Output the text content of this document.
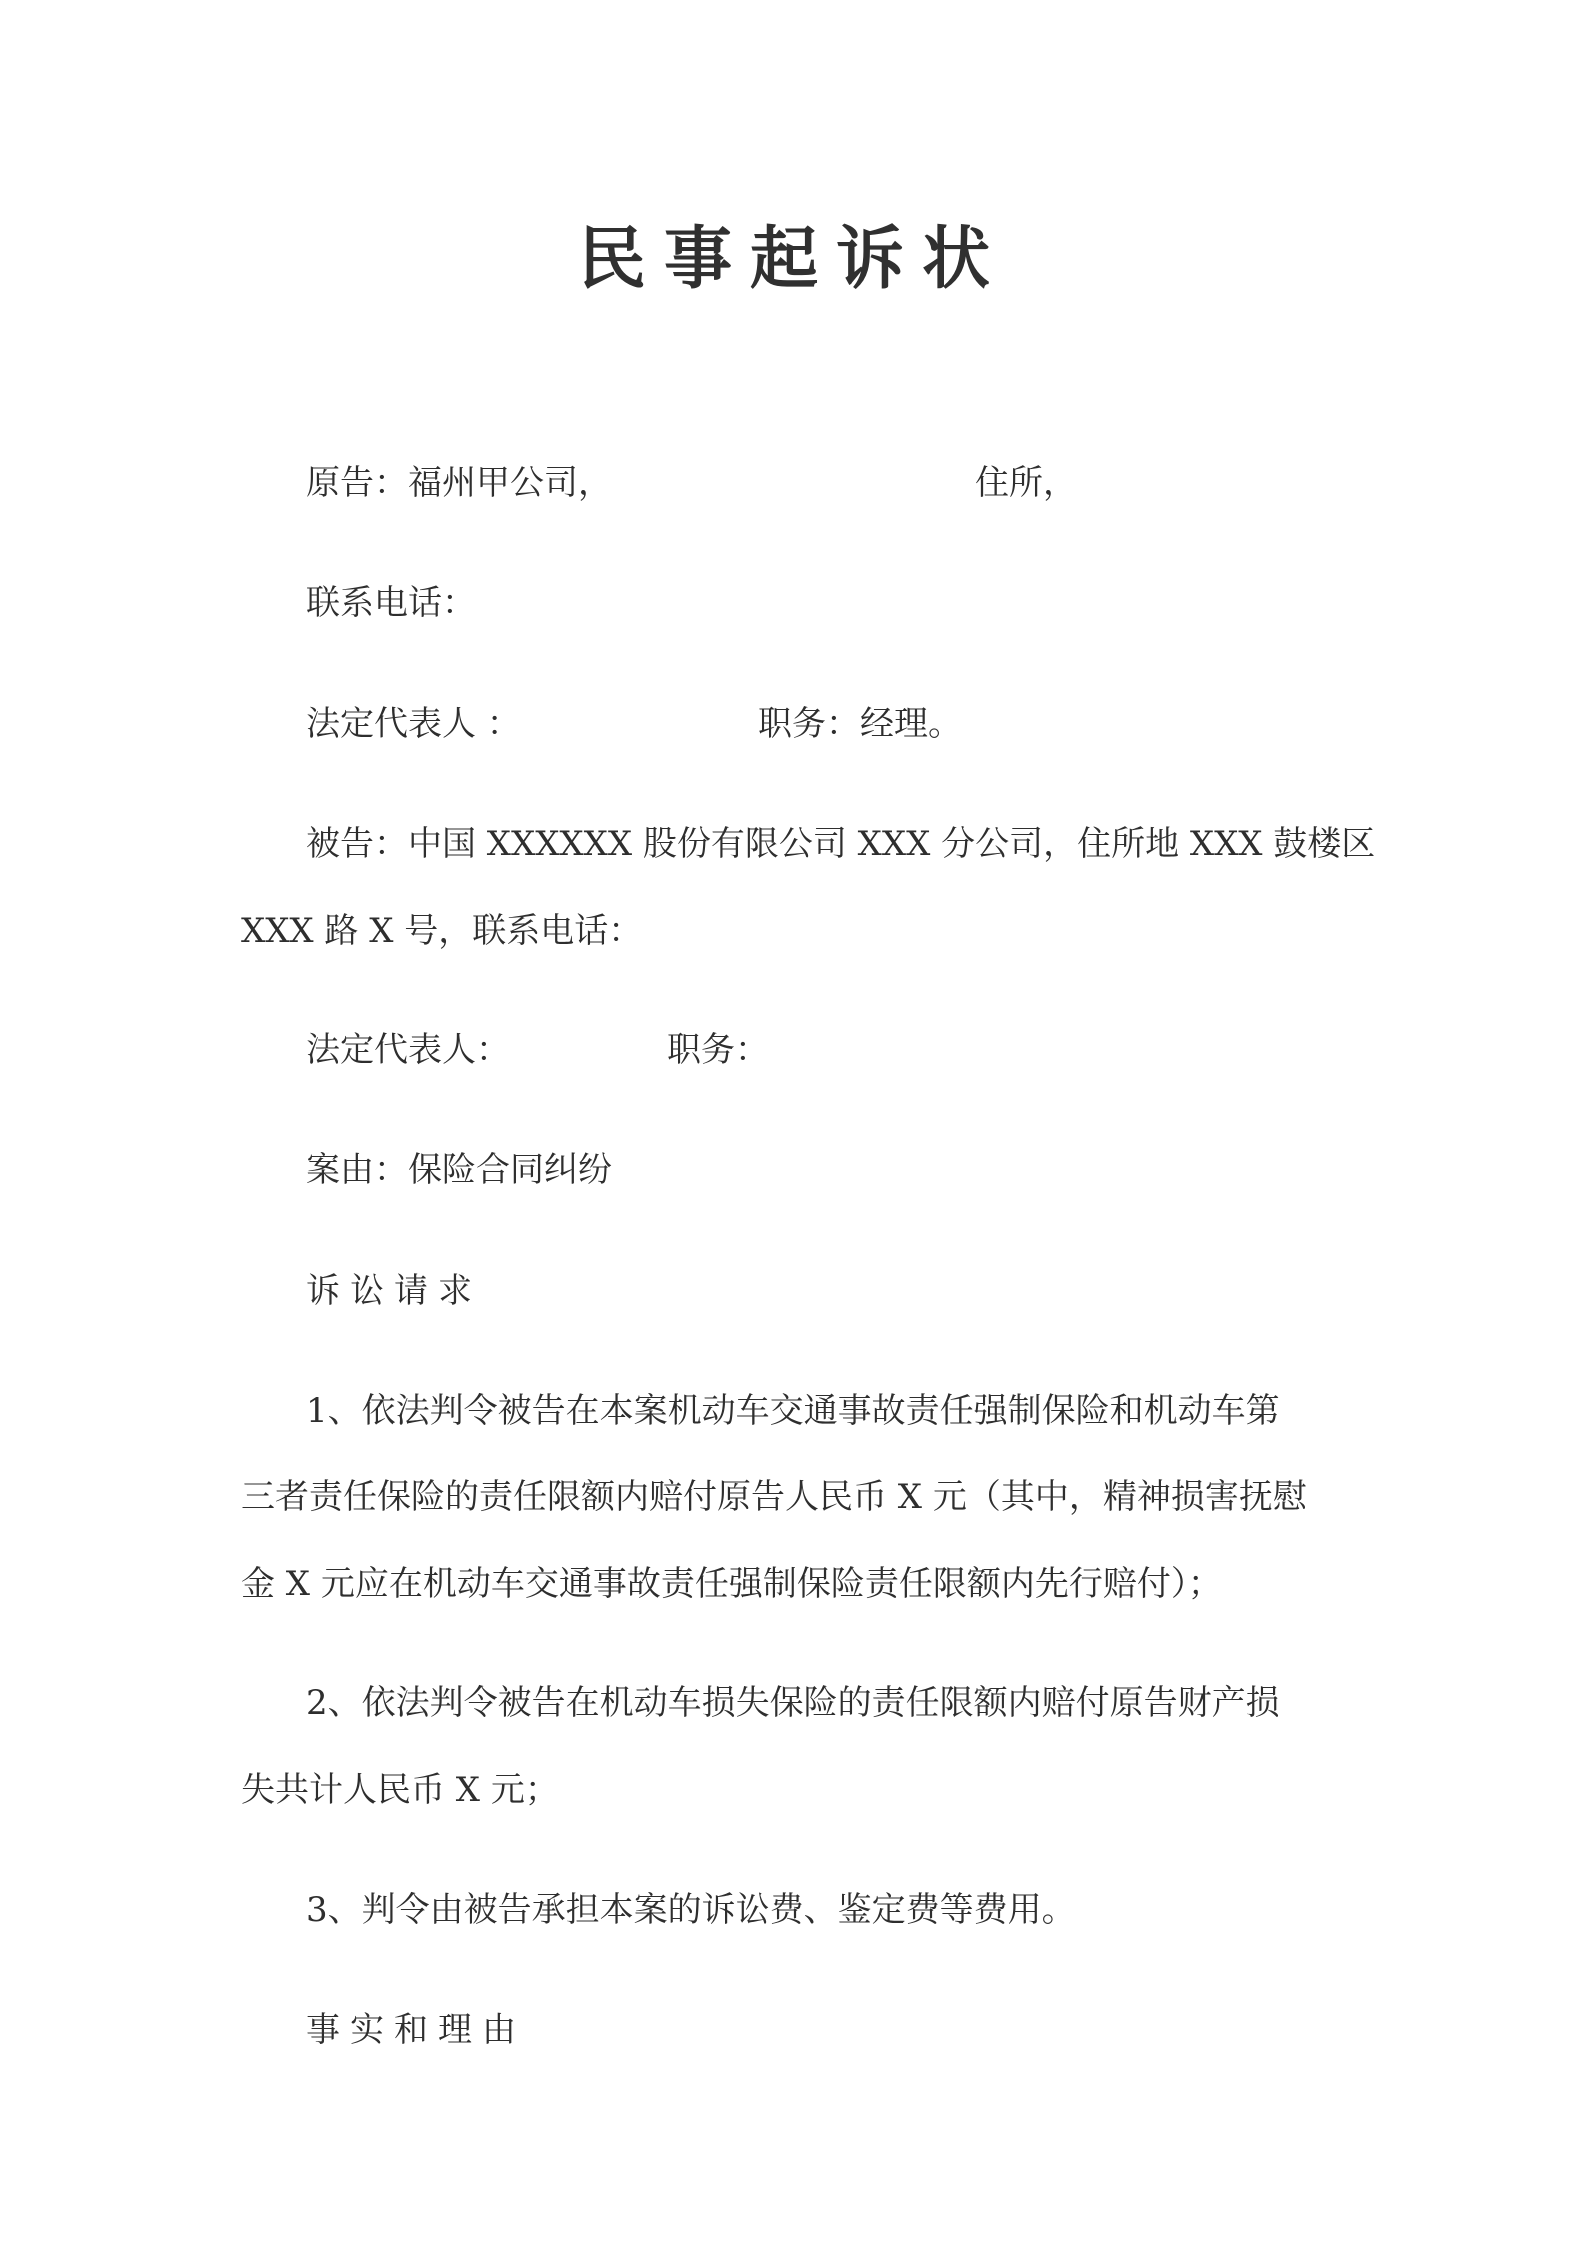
民事起诉状
原告：福州甲公司，	住所，
联系电话：
法定代表人 ：	职务：经理。
被告：中国 XXXXXX 股份有限公司 XXX 分公司，住所地 XXX 鼓楼区
XXX 路 X 号，联系电话：
法定代表人：	职务：
案由：保险合同纠纷
诉讼请求
1、依法判令被告在本案机动车交通事故责任强制保险和机动车第
三者责任保险的责任限额内赔付原告人民币 X 元（其中，精神损害抚慰
金 X 元应在机动车交通事故责任强制保险责任限额内先行赔付）；
2、依法判令被告在机动车损失保险的责任限额内赔付原告财产损
失共计人民币 X 元；
3、判令由被告承担本案的诉讼费、鉴定费等费用。
事实和理由
